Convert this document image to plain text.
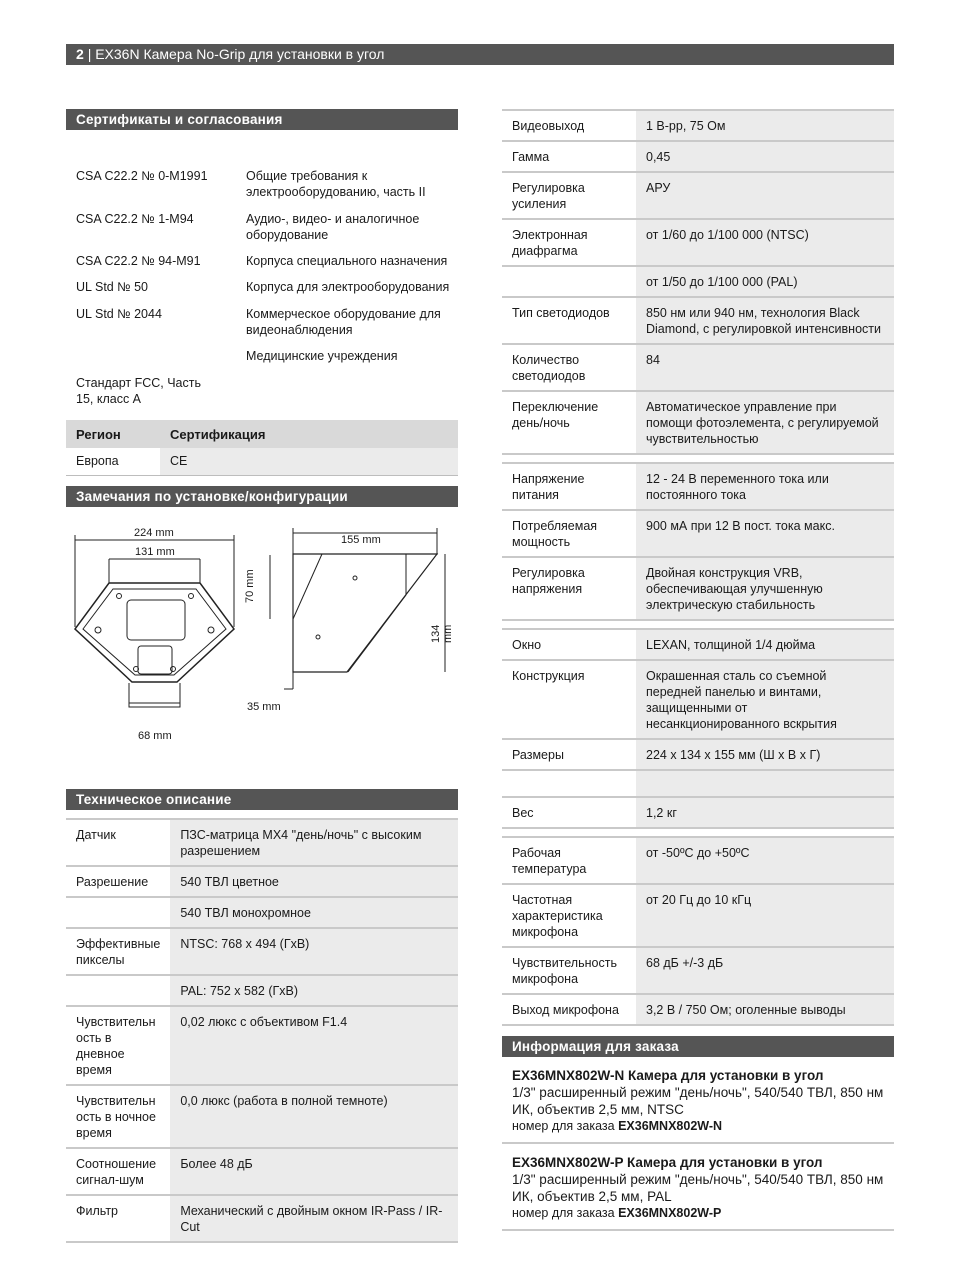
2 | EX36N Камера No-Grip для установки в угол
Сертификаты и согласования
CSA C22.2 № 0-M1991	Общие требования к электрооборудованию, часть II
CSA C22.2 № 1-M94	Аудио-, видео- и аналогичное оборудование
CSA C22.2 № 94-M91	Корпуса специального назначения
UL Std № 50	Корпуса для электрооборудования
UL Std № 2044	Коммерческое оборудование для видеонаблюдения
Медицинские учреждения
Стандарт FCC, Часть 15, класс A
Регион	Сертификация
Европа	CE
Замечания по установке/конфигурации
224 mm
131 mm
68 mm
155 mm
70 mm
134 mm
35 mm
Техническое описание
Датчик	ПЗС-матрица MX4 "день/ночь" с высоким разрешением
Разрешение	540 ТВЛ цветное
	540 ТВЛ монохромное
Эффективные пикселы	NTSC: 768 x 494 (ГхВ)
	PAL: 752 x 582 (ГхВ)
Чувствительн ость в дневное время	0,02 люкс с объективом F1.4
Чувствительн ость в ночное время	0,0 люкс (работа в полной темноте)
Соотношение сигнал-шум	Более 48 дБ
Фильтр	Механический с двойным окном IR-Pass / IR-Cut
Видеовыход	1 В-pp, 75 Ом
Гамма	0,45
Регулировка усиления	АРУ
Электронная диафрагма	от 1/60 до 1/100 000 (NTSC)
	от 1/50 до 1/100 000 (PAL)
Тип светодиодов	850 нм или 940 нм, технология Black Diamond, с регулировкой интенсивности
Количество светодиодов	84
Переключение день/ночь	Автоматическое управление при помощи фотоэлемента, с регулируемой чувствительностью

Напряжение питания	12 - 24 В переменного тока или постоянного тока
Потребляемая мощность	900 мА при 12 В пост. тока макс.
Регулировка напряжения	Двойная конструкция VRB, обеспечивающая улучшенную электрическую стабильность

Окно	LEXAN, толщиной 1/4 дюйма
Конструкция	Окрашенная сталь со съемной передней панелью и винтами, защищенными от несанкционированного вскрытия
Размеры	224 x 134 x 155 мм (Ш x В x Г)

Вес	1,2 кг

Рабочая температура	от -50ºС до +50ºС
Частотная характеристика микрофона	от 20 Гц до 10 кГц
Чувствительность микрофона	68 дБ +/-3 дБ
Выход микрофона	3,2 В / 750 Ом; оголенные выводы
Информация для заказа
EX36MNX802W-N Камера для установки в угол
1/3" расширенный режим "день/ночь", 540/540 ТВЛ, 850 нм ИК, объектив 2,5 мм, NTSC
номер для заказа EX36MNX802W-N
EX36MNX802W-P Камера для установки в угол
1/3" расширенный режим "день/ночь", 540/540 ТВЛ, 850 нм ИК, объектив 2,5 мм, PAL
номер для заказа EX36MNX802W-P
